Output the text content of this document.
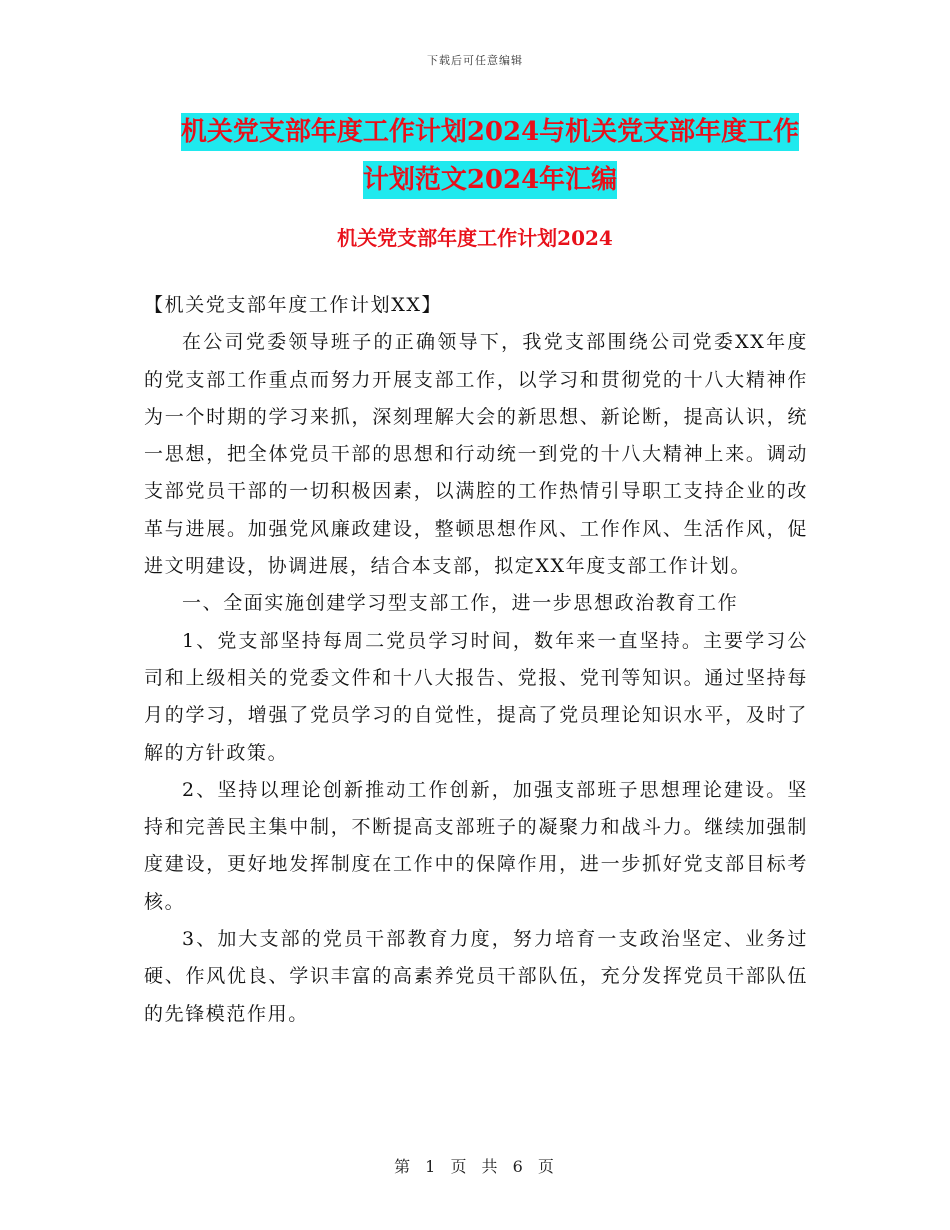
下载后可任意编辑
机关党支部年度工作计划2024与机关党支部年度工作
计划范文2024年汇编
机关党支部年度工作计划2024

【机关党支部年度工作计划XX】

在公司党委领导班子的正确领导下，我党支部围绕公司党委XX年度的党支部工作重点而努力开展支部工作，以学习和贯彻党的十八大精神作为一个时期的学习来抓，深刻理解大会的新思想、新论断，提高认识，统一思想，把全体党员干部的思想和行动统一到党的十八大精神上来。调动支部党员干部的一切积极因素，以满腔的工作热情引导职工支持企业的改革与进展。加强党风廉政建设，整顿思想作风、工作作风、生活作风，促进文明建设，协调进展，结合本支部，拟定XX年度支部工作计划。

一、全面实施创建学习型支部工作，进一步思想政治教育工作

1、党支部坚持每周二党员学习时间，数年来一直坚持。主要学习公司和上级相关的党委文件和十八大报告、党报、党刊等知识。通过坚持每月的学习，增强了党员学习的自觉性，提高了党员理论知识水平，及时了解的方针政策。

2、坚持以理论创新推动工作创新，加强支部班子思想理论建设。坚持和完善民主集中制，不断提高支部班子的凝聚力和战斗力。继续加强制度建设，更好地发挥制度在工作中的保障作用，进一步抓好党支部目标考核。

3、加大支部的党员干部教育力度，努力培育一支政治坚定、业务过硬、作风优良、学识丰富的高素养党员干部队伍，充分发挥党员干部队伍的先锋模范作用。

第 1 页 共 6 页
